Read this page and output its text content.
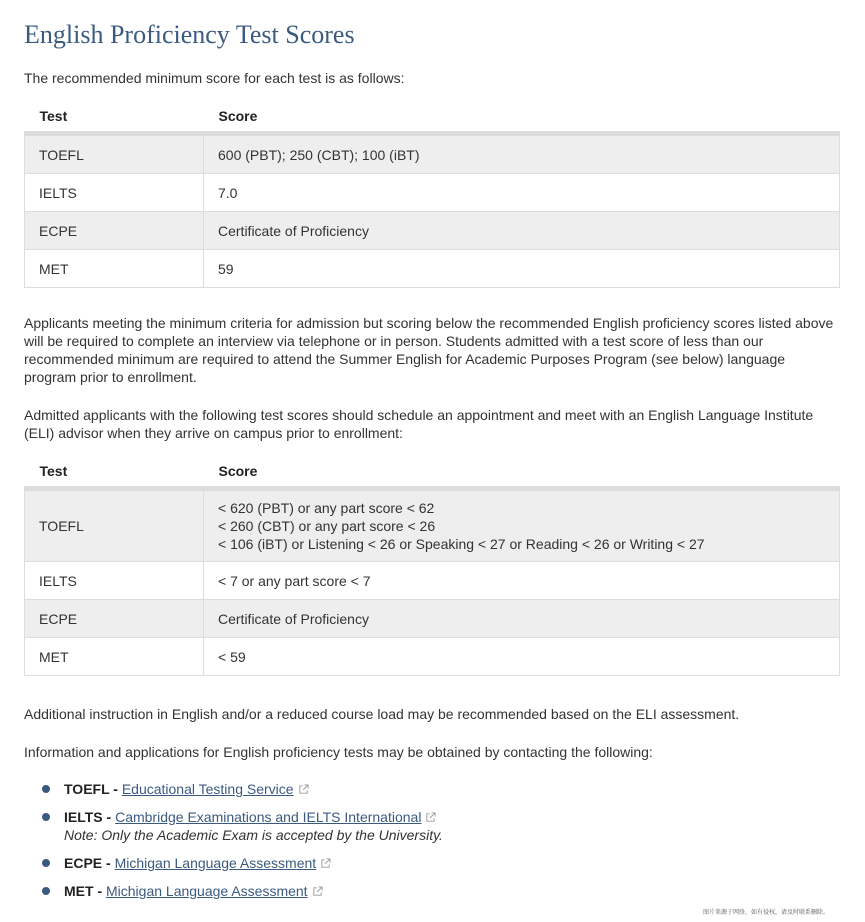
English Proficiency Test Scores

The recommended minimum score for each test is as follows:

Test	Score
TOEFL	600 (PBT); 250 (CBT); 100 (iBT)
IELTS	7.0
ECPE	Certificate of Proficiency
MET	59

Applicants meeting the minimum criteria for admission but scoring below the recommended English proficiency scores listed above will be required to complete an interview via telephone or in person. Students admitted with a test score of less than our recommended minimum are required to attend the Summer English for Academic Purposes Program (see below) language program prior to enrollment.

Admitted applicants with the following test scores should schedule an appointment and meet with an English Language Institute (ELI) advisor when they arrive on campus prior to enrollment:

Test	Score
TOEFL	< 620 (PBT) or any part score < 62
< 260 (CBT) or any part score < 26
< 106 (iBT) or Listening < 26 or Speaking < 27 or Reading < 26 or Writing < 27

IELTS	< 7 or any part score < 7
ECPE	Certificate of Proficiency
MET	< 59

Additional instruction in English and/or a reduced course load may be recommended based on the ELI assessment.

Information and applications for English proficiency tests may be obtained by contacting the following:

TOEFL - Educational Testing Service
IELTS - Cambridge Examinations and IELTS International
Note: Only the Academic Exam is accepted by the University.
ECPE - Michigan Language Assessment
MET - Michigan Language Assessment
图片来源于网络，如有侵权，请及时联系删除。
